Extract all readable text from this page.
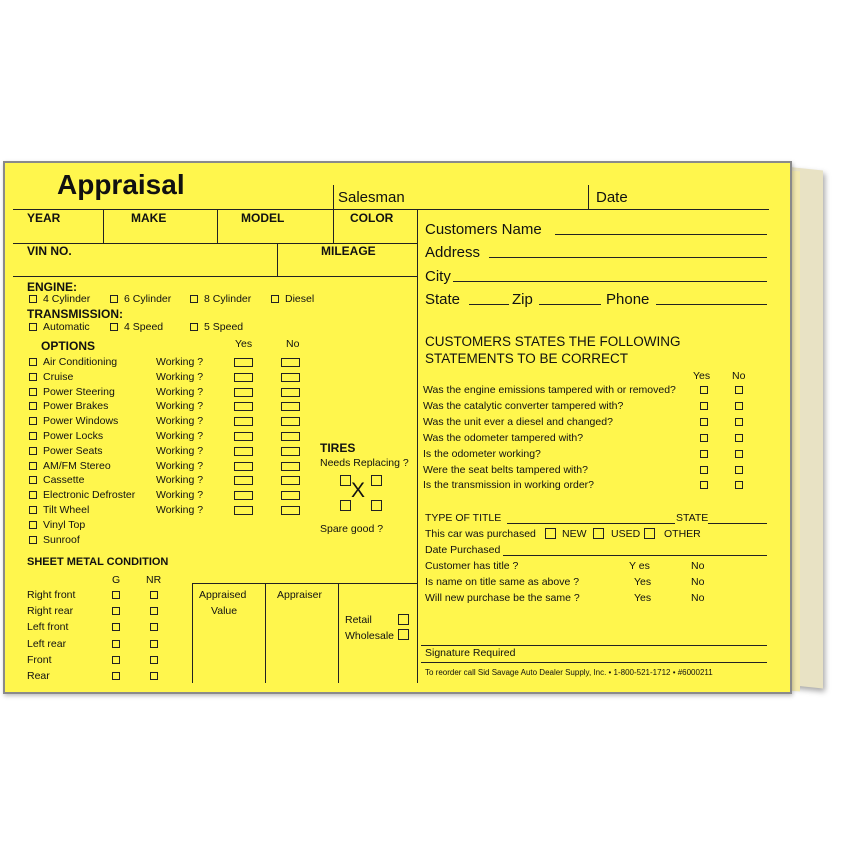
Appraisal	Salesman	Date
YEAR	MAKE	MODEL	COLOR
VIN NO.	MILEAGE
ENGINE:
4 Cylinder	6 Cylinder	8 Cylinder	Diesel
TRANSMISSION:
Automatic	4 Speed	5 Speed
OPTIONS	Yes	No
Air Conditioning	Working ?
Cruise	Working ?
Power Steering	Working ?
Power Brakes	Working ?
Power Windows	Working ?
Power Locks	Working ?
Power Seats	Working ?
AM/FM Stereo	Working ?
Cassette	Working ?
Electronic Defroster Working ?
Tilt Wheel	Working ?
Vinyl Top
Sunroof
TIRES
Needs Replacing ?
X
Spare good ?
SHEET METAL CONDITION
G NR
Right front
Right rear
Left front
Left rear
Front
Rear
Appraised
Value
Appraiser
Retail
Wholesale
Customers Name
Address
City
State	Zip	Phone
CUSTOMERS STATES THE FOLLOWING
STATEMENTS TO BE CORRECT
Yes No
Was the engine emissions tampered with or removed?
Was the catalytic converter tampered with?
Was the unit ever a diesel and changed?
Was the odometer tampered with?
Is the odometer working?
Were the seat belts tampered with?
Is the transmission in working order?
TYPE OF TITLE	STATE
This car was purchased NEW USED OTHER
Date Purchased
Customer has title ?	Y es	No
Is name on title same as above ?	Yes	No
Will new purchase be the same ?	Yes	No
Signature Required
To reorder call Sid Savage Auto Dealer Supply, Inc. • 1-800-521-1712 • #6000211
